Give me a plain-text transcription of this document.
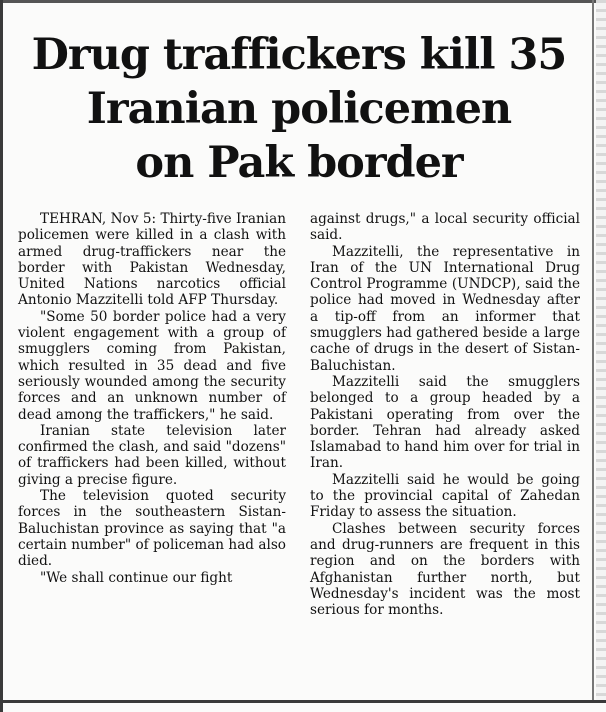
Drug traffickers kill 35
Iranian policemen
on Pak border

TEHRAN, Nov 5: Thirty-five Iranian policemen were killed in a clash with armed drug-traffickers near the border with Pakistan Wednesday, United Nations narcotics official Antonio Mazzitelli told AFP Thursday.

"Some 50 border police had a very violent engagement with a group of smugglers coming from Pakistan, which resulted in 35 dead and five seriously wounded among the security forces and an unknown number of dead among the traffickers," he said.

Iranian state television later confirmed the clash, and said "dozens" of traffickers had been killed, without giving a precise figure.

The television quoted security forces in the southeastern Sistan-Baluchistan province as saying that "a certain number" of policeman had also died.

"We shall continue our fight

against drugs," a local security official said.

Mazzitelli, the representative in Iran of the UN International Drug Control Programme (UNDCP), said the police had moved in Wednesday after a tip-off from an informer that smugglers had gathered beside a large cache of drugs in the desert of Sistan-Baluchistan.

Mazzitelli said the smugglers belonged to a group headed by a Pakistani operating from over the border. Tehran had already asked Islamabad to hand him over for trial in Iran.

Mazzitelli said he would be going to the provincial capital of Zahedan Friday to assess the situation.

Clashes between security forces and drug-runners are frequent in this region and on the borders with Afghanistan further north, but Wednesday's incident was the most serious for months.
